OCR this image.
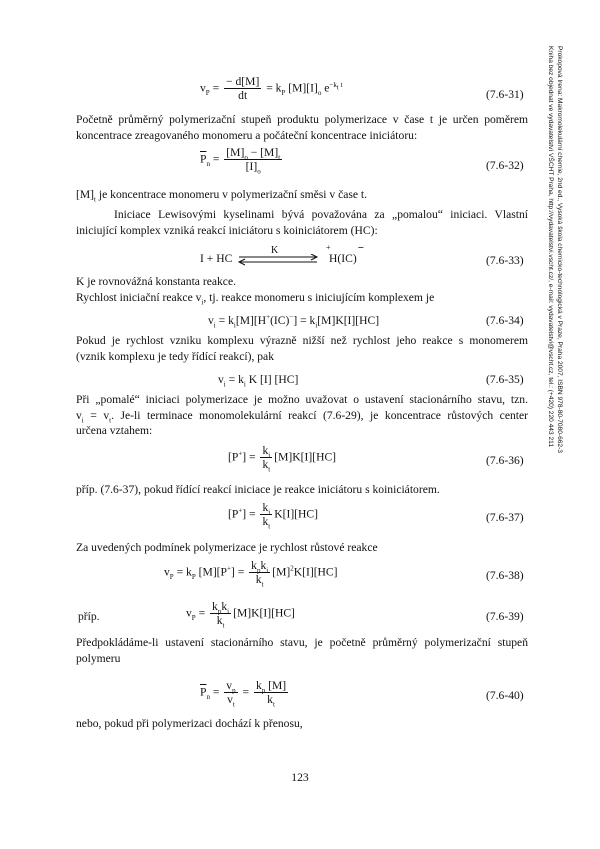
Prokopová Irena: Makromolekulární chemie, 2nd ed., Vysoká škola chemicko-technologická v Praze, Praha 2007, ISBN 978-80-7080-662-3
Kniha bez objednat ve vydavatelství VŠCHT Praha, http://vydavatelstvi.vscht.cz/, e-mail: vydavatelstvi@vscht.cz, tel.: (+420) 220 443 211
$v_P = \frac{- d[M]}{dt} = k_P$ $[M][I]_o$ $e^{-k_t t}$
(7.6-31)
Početně průměrný polymerizační stupeň produktu polymerizace v čase t je určen poměrem
koncentrace zreagovaného monomeru a počáteční koncentrace iniciátoru:
$\overline{P}_n = \frac{[M]_o - [M]_t}{[I]_o}$	(7.6-32)
$[M]_t$ je koncentrace monomeru v polymerizační směsi v čase t.
Iniciace Lewisovými kyselinami bývá považována za „pomalou“ iniciaci. Vlastní
iniciující komplex vzniká reakcí iniciátoru s koiniciátorem (HC):
I + HC
K
H
+
(IC)
−
(7.6-33)
K je rovnovážná konstanta reakce.
Rychlost iniciační reakce $v_i$, tj. reakce monomeru s iniciujícím komplexem je
$v_i = k_i[M][H^+(IC)^-] = k_i[M]K[I][HC]$	(7.6-34)
Pokud je rychlost vzniku komplexu výrazně nižší než rychlost jeho reakce s monomerem
(vznik komplexu je tedy řídící reakcí), pak
$v_i = k_i$ K [I] [HC]	(7.6-35)
Při „pomalé“ iniciaci polymerizace je možno uvažovat o ustavení stacionárního stavu, tzn.
$v_i = v_t$. Je-li terminace monomolekulární reakcí (7.6-29), je koncentrace růstových center
určena vztahem:
$[P^+] = \frac{k_i}{k_t} [M]K[I][HC]$	(7.6-36)
příp. (7.6-37), pokud řídící reakcí iniciace je reakce iniciátoru s koiniciátorem.
$[P^+] = \frac{k_i}{k_t} K[I][HC]$	(7.6-37)
Za uvedených podmínek polymerizace je rychlost růstové reakce
$v_P = k_P$ $[M][P^+] = \frac{k_pk_i}{k_t} [M]^2K[I][HC]$	(7.6-38)
příp.	$v_P = \frac{k_pk_i}{k_t} [M]K[I][HC]$	(7.6-39)
Předpokládáme-li ustavení stacionárního stavu, je početně průměrný polymerizační stupeň
polymeru
$\overline{P}_n = \frac{v_p}{v_t} = \frac{k_p [M]}{k_t}$	(7.6-40)
nebo, pokud při polymerizaci dochází k přenosu,
123
